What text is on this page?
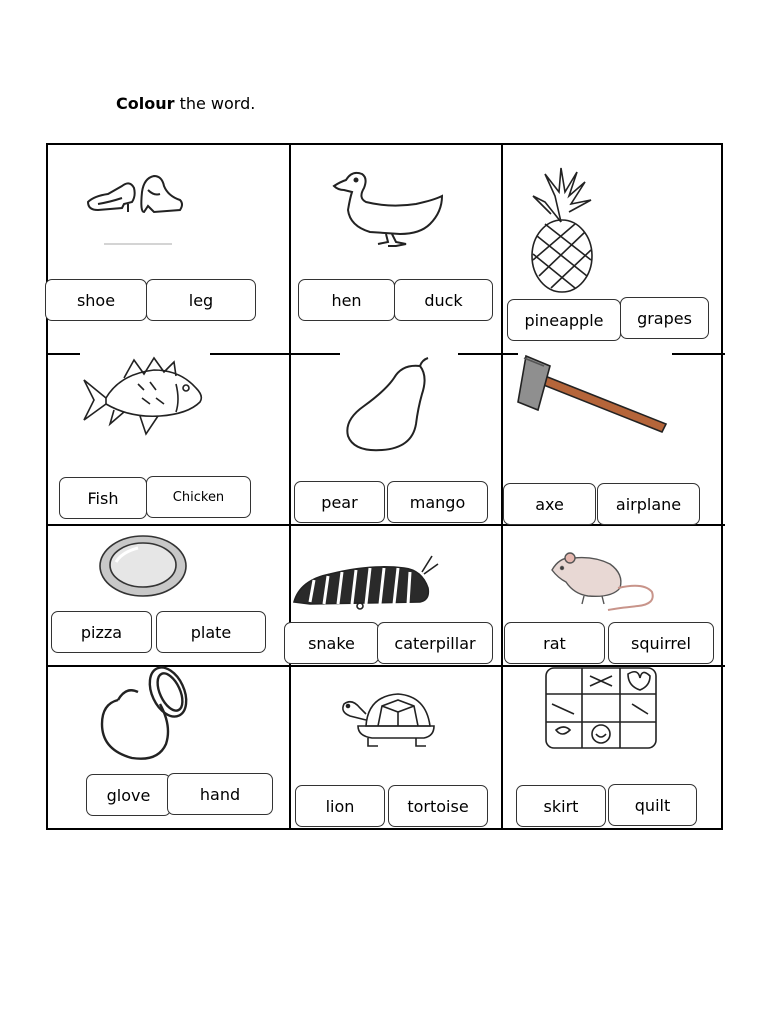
Colour the word.
shoe	leg	hen	duck
pineapple	grapes
Fish	Chicken	pear	mango	axe	airplane
pizza	plate
snake	caterpillar	rat	squirrel
glove	hand
lion	tortoise	skirt	quilt
